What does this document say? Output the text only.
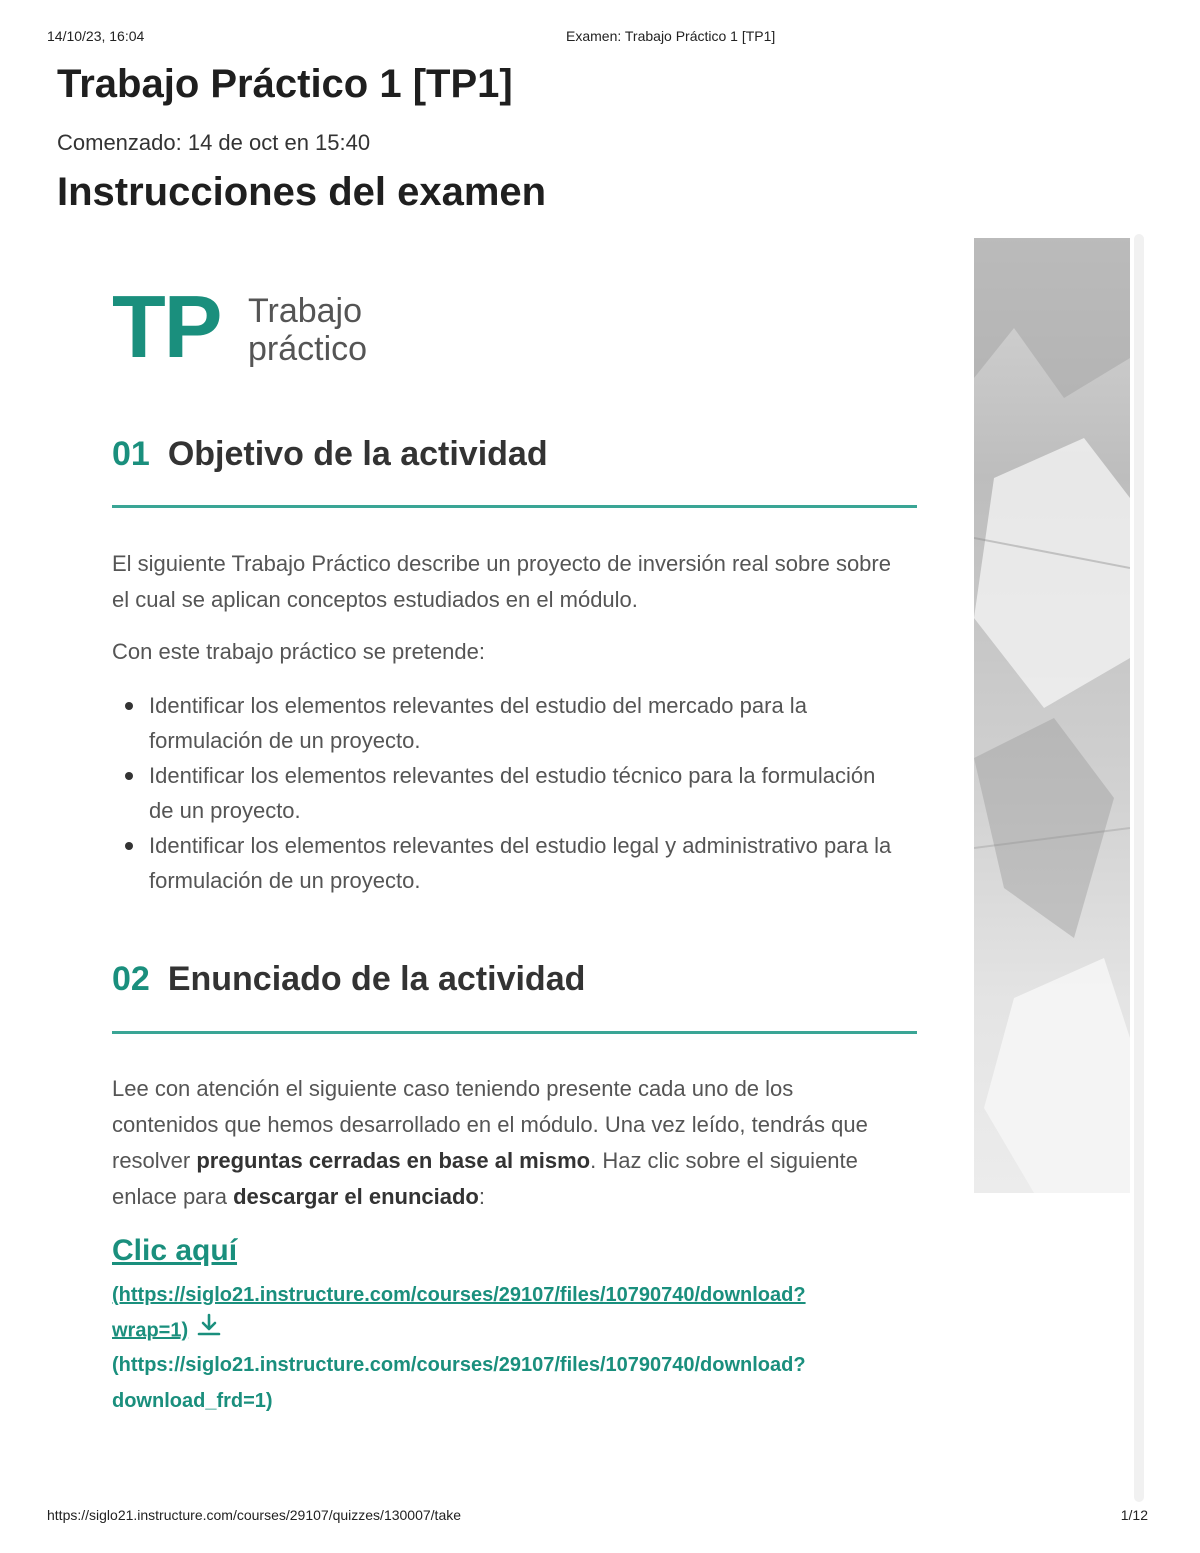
14/10/23, 16:04	Examen: Trabajo Práctico 1 [TP1]
Trabajo Práctico 1 [TP1]
Comenzado: 14 de oct en 15:40
Instrucciones del examen
TP Trabajo
práctico
01 Objetivo de la actividad

El siguiente Trabajo Práctico describe un proyecto de inversión real sobre sobre el cual se aplican conceptos estudiados en el módulo.

Con este trabajo práctico se pretende:

Identificar los elementos relevantes del estudio del mercado para la formulación de un proyecto.
Identificar los elementos relevantes del estudio técnico para la formulación de un proyecto.
Identificar los elementos relevantes del estudio legal y administrativo para la formulación de un proyecto.
02 Enunciado de la actividad

Lee con atención el siguiente caso teniendo presente cada uno de los contenidos que hemos desarrollado en el módulo. Una vez leído, tendrás que resolver preguntas cerradas en base al mismo. Haz clic sobre el siguiente enlace para descargar el enunciado:

Clic aquí
(https://siglo21.instructure.com/courses/29107/files/10790740/download?
wrap=1)
(https://siglo21.instructure.com/courses/29107/files/10790740/download?
download_frd=1)
https://siglo21.instructure.com/courses/29107/quizzes/130007/take	1/12
